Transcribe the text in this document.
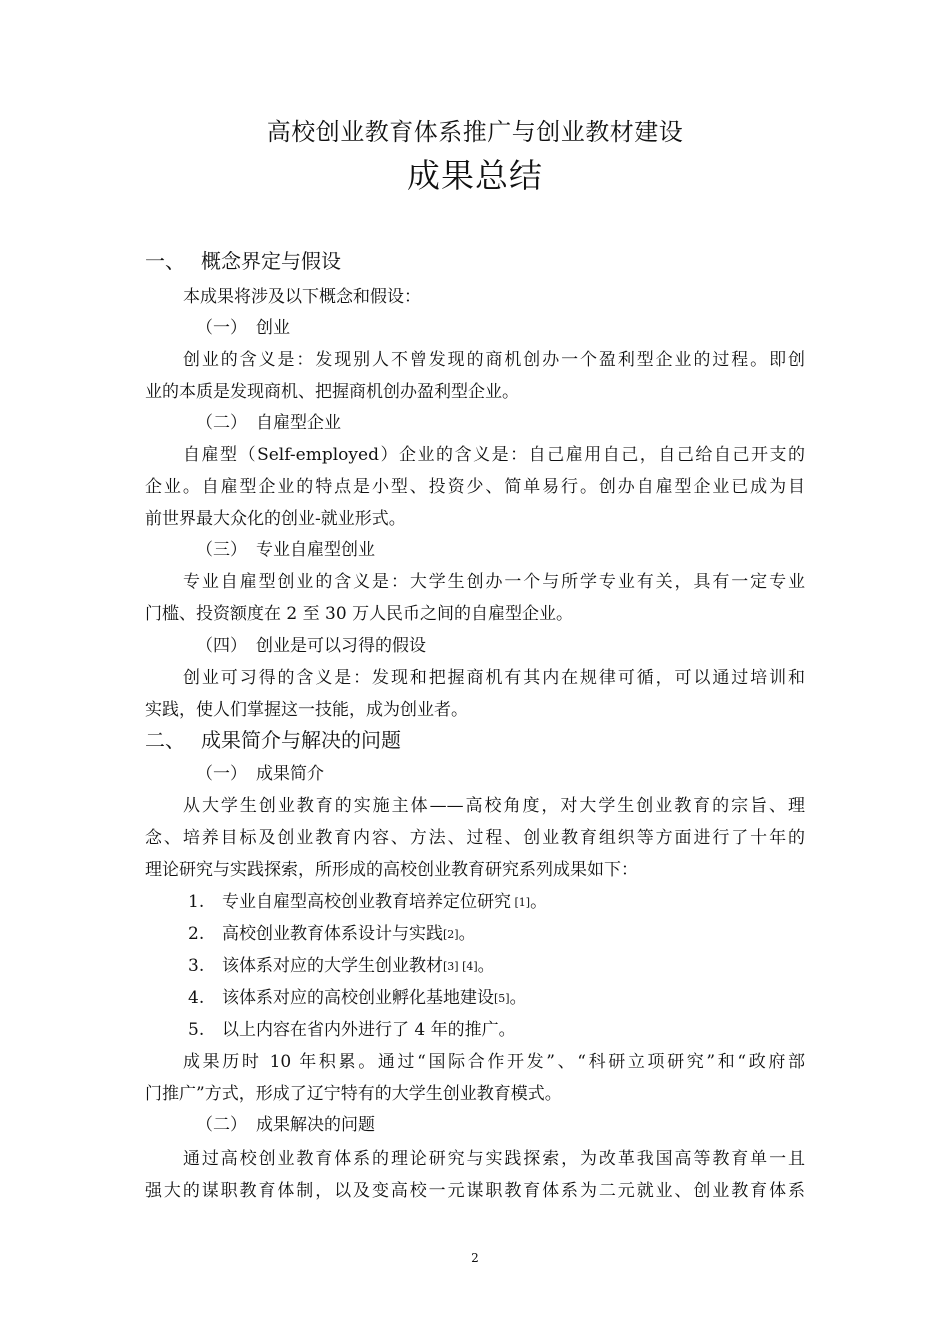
高校创业教育体系推广与创业教材建设
成果总结
一、 概念界定与假设
本成果将涉及以下概念和假设：
（一） 创业
创业的含义是：发现别人不曾发现的商机创办一个盈利型企业的过程。即创
业的本质是发现商机、把握商机创办盈利型企业。
（二） 自雇型企业
自雇型（Self-employed）企业的含义是：自己雇用自己，自己给自己开支的
企业。自雇型企业的特点是小型、投资少、简单易行。创办自雇型企业已成为目
前世界最大众化的创业-就业形式。
（三） 专业自雇型创业
专业自雇型创业的含义是：大学生创办一个与所学专业有关，具有一定专业
门槛、投资额度在 2 至 30 万人民币之间的自雇型企业。
（四） 创业是可以习得的假设
创业可习得的含义是：发现和把握商机有其内在规律可循，可以通过培训和
实践，使人们掌握这一技能，成为创业者。
二、 成果简介与解决的问题
（一） 成果简介
从大学生创业教育的实施主体——高校角度，对大学生创业教育的宗旨、理
念、培养目标及创业教育内容、方法、过程、创业教育组织等方面进行了十年的
理论研究与实践探索，所形成的高校创业教育研究系列成果如下：
1. 专业自雇型高校创业教育培养定位研究 [1]。
2. 高校创业教育体系设计与实践[2]。
3. 该体系对应的大学生创业教材[3] [4]。
4. 该体系对应的高校创业孵化基地建设[5]。
5. 以上内容在省内外进行了 4 年的推广。
成果历时 10 年积累。通过“国际合作开发”、“科研立项研究”和“政府部
门推广”方式，形成了辽宁特有的大学生创业教育模式。
（二） 成果解决的问题
通过高校创业教育体系的理论研究与实践探索，为改革我国高等教育单一且
强大的谋职教育体制，以及变高校一元谋职教育体系为二元就业、创业教育体系
2
